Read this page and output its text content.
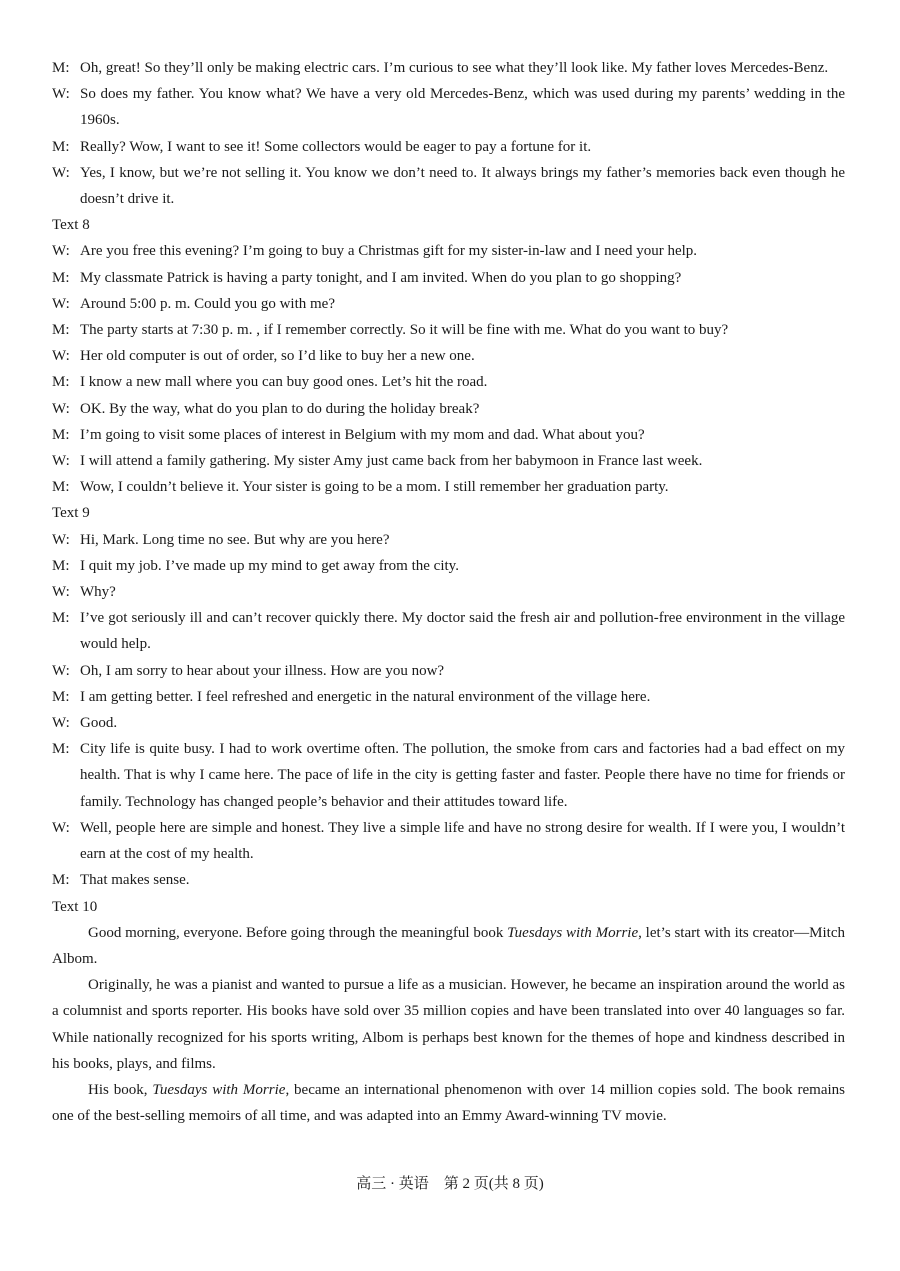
M: Oh, great! So they’ll only be making electric cars. I’m curious to see what they’ll look like. My father loves Mercedes-Benz.
W: So does my father. You know what? We have a very old Mercedes-Benz, which was used during my parents’ wedding in the 1960s.
M: Really? Wow, I want to see it! Some collectors would be eager to pay a fortune for it.
W: Yes, I know, but we’re not selling it. You know we don’t need to. It always brings my father’s memories back even though he doesn’t drive it.
Text 8
W: Are you free this evening? I’m going to buy a Christmas gift for my sister-in-law and I need your help.
M: My classmate Patrick is having a party tonight, and I am invited. When do you plan to go shopping?
W: Around 5:00 p. m. Could you go with me?
M: The party starts at 7:30 p. m. , if I remember correctly. So it will be fine with me. What do you want to buy?
W: Her old computer is out of order, so I’d like to buy her a new one.
M: I know a new mall where you can buy good ones. Let’s hit the road.
W: OK. By the way, what do you plan to do during the holiday break?
M: I’m going to visit some places of interest in Belgium with my mom and dad. What about you?
W: I will attend a family gathering. My sister Amy just came back from her babymoon in France last week.
M: Wow, I couldn’t believe it. Your sister is going to be a mom. I still remember her graduation party.
Text 9
W: Hi, Mark. Long time no see. But why are you here?
M: I quit my job. I’ve made up my mind to get away from the city.
W: Why?
M: I’ve got seriously ill and can’t recover quickly there. My doctor said the fresh air and pollution-free environment in the village would help.
W: Oh, I am sorry to hear about your illness. How are you now?
M: I am getting better. I feel refreshed and energetic in the natural environment of the village here.
W: Good.
M: City life is quite busy. I had to work overtime often. The pollution, the smoke from cars and factories had a bad effect on my health. That is why I came here. The pace of life in the city is getting faster and faster. People there have no time for friends or family. Technology has changed people’s behavior and their attitudes toward life.
W: Well, people here are simple and honest. They live a simple life and have no strong desire for wealth. If I were you, I wouldn’t earn at the cost of my health.
M: That makes sense.
Text 10
Good morning, everyone. Before going through the meaningful book Tuesdays with Morrie, let’s start with its creator—Mitch Albom.
Originally, he was a pianist and wanted to pursue a life as a musician. However, he became an inspiration around the world as a columnist and sports reporter. His books have sold over 35 million copies and have been translated into over 40 languages so far. While nationally recognized for his sports writing, Albom is perhaps best known for the themes of hope and kindness described in his books, plays, and films.
His book, Tuesdays with Morrie, became an international phenomenon with over 14 million copies sold. The book remains one of the best-selling memoirs of all time, and was adapted into an Emmy Award-winning TV movie.
高三 · 英语　第 2 页(共 8 页)
